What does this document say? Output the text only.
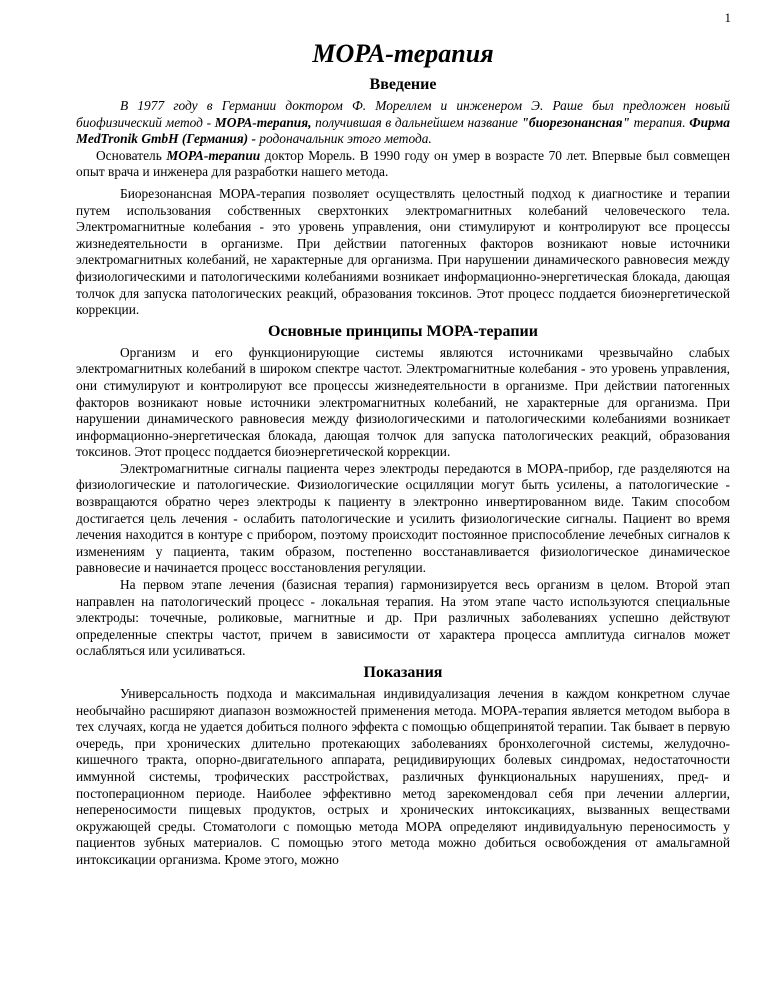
1
МОРА-терапия
Введение

В 1977 году в Германии доктором Ф. Мореллем и инженером Э. Раше был предложен новый биофизический метод - МОРА-терапия, получившая в дальнейшем название "биорезонансная" терапия. Фирма MedTronik GmbH (Германия) - родоначальник этого метода.

Основатель МОРА-терапии доктор Морель. В 1990 году он умер в возрасте 70 лет. Впервые был совмещен опыт врача и инженера для разработки нашего метода.

Биорезонансная МОРА-терапия позволяет осуществлять целостный подход к диагностике и терапии путем использования собственных сверхтонких электромагнитных колебаний человеческого тела. Электромагнитные колебания - это уровень управления, они стимулируют и контролируют все процессы жизнедеятельности в организме. При действии патогенных факторов возникают новые источники электромагнитных колебаний, не характерные для организма. При нарушении динамического равновесия между физиологическими и патологическими колебаниями возникает информационно-энергетическая блокада, дающая толчок для запуска патологических реакций, образования токсинов. Этот процесс поддается биоэнергетической коррекции.

Основные принципы МОРА-терапии

Организм и его функционирующие системы являются источниками чрезвычайно слабых электромагнитных колебаний в широком спектре частот. Электромагнитные колебания - это уровень управления, они стимулируют и контролируют все процессы жизнедеятельности в организме. При действии патогенных факторов возникают новые источники электромагнитных колебаний, не характерные для организма. При нарушении динамического равновесия между физиологическими и патологическими колебаниями возникает информационно-энергетическая блокада, дающая толчок для запуска патологических реакций, образования токсинов. Этот процесс поддается биоэнергетической коррекции.

Электромагнитные сигналы пациента через электроды передаются в МОРА-прибор, где разделяются на физиологические и патологические. Физиологические осцилляции могут быть усилены, а патологические - возвращаются обратно через электроды к пациенту в электронно инвертированном виде. Таким способом достигается цель лечения - ослабить патологические и усилить физиологические сигналы. Пациент во время лечения находится в контуре с прибором, поэтому происходит постоянное приспособление лечебных сигналов к изменениям у пациента, таким образом, постепенно восстанавливается физиологическое динамическое равновесие и начинается процесс восстановления регуляции.

На первом этапе лечения (базисная терапия) гармонизируется весь организм в целом. Второй этап направлен на патологический процесс - локальная терапия. На этом этапе часто используются специальные электроды: точечные, роликовые, магнитные и др. При различных заболеваниях успешно действуют определенные спектры частот, причем в зависимости от характера процесса амплитуда сигналов может ослабляться или усиливаться.

Показания

Универсальность подхода и максимальная индивидуализация лечения в каждом конкретном случае необычайно расширяют диапазон возможностей применения метода. МОРА-терапия является методом выбора в тех случаях, когда не удается добиться полного эффекта с помощью общепринятой терапии. Так бывает в первую очередь, при хронических длительно протекающих заболеваниях бронхолегочной системы, желудочно-кишечного тракта, опорно-двигательного аппарата, рецидивирующих болевых синдромах, недостаточности иммунной системы, трофических расстройствах, различных функциональных нарушениях, пред- и постоперационном периоде. Наиболее эффективно метод зарекомендовал себя при лечении аллергии, непереносимости пищевых продуктов, острых и хронических интоксикациях, вызванных веществами окружающей среды. Стоматологи с помощью метода МОРА определяют индивидуальную переносимость у пациентов зубных материалов. С помощью этого метода можно добиться освобождения от амальгамной интоксикации организма. Кроме этого, можно
